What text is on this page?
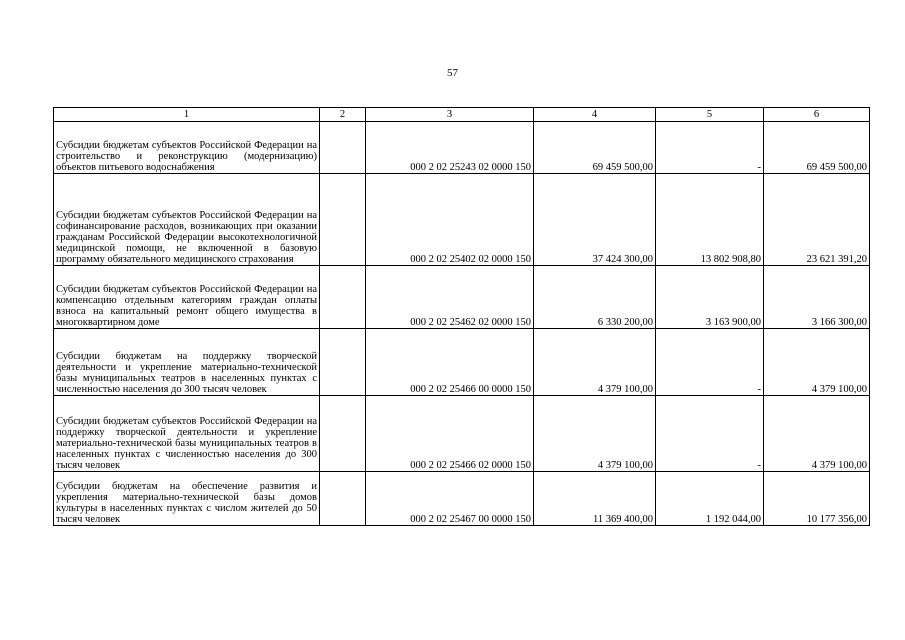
57
1	2	3	4	5	6
Субсидии бюджетам субъектов Российской Федерации на строительство и реконструкцию (модернизацию) объектов питьевого водоснабжения		000 2 02 25243 02 0000 150	69 459 500,00	-	69 459 500,00
Субсидии бюджетам субъектов Российской Федерации на софинансирование расходов, возникающих при оказании гражданам Российской Федерации высокотехнологичной медицинской помощи, не включенной в базовую программу обязательного медицинского страхования		000 2 02 25402 02 0000 150	37 424 300,00	13 802 908,80	23 621 391,20
Субсидии бюджетам субъектов Российской Федерации на компенсацию отдельным категориям граждан оплаты взноса на капитальный ремонт общего имущества в многоквартирном доме		000 2 02 25462 02 0000 150	6 330 200,00	3 163 900,00	3 166 300,00
Субсидии бюджетам на поддержку творческой деятельности и укрепление материально-технической базы муниципальных театров в населенных пунктах с численностью населения до 300 тысяч человек		000 2 02 25466 00 0000 150	4 379 100,00	-	4 379 100,00
Субсидии бюджетам субъектов Российской Федерации на поддержку творческой деятельности и укрепление материально-технической базы муниципальных театров в населенных пунктах с численностью населения до 300 тысяч человек		000 2 02 25466 02 0000 150	4 379 100,00	-	4 379 100,00
Субсидии бюджетам на обеспечение развития и укрепления материально-технической базы домов культуры в населенных пунктах с числом жителей до 50 тысяч человек		000 2 02 25467 00 0000 150	11 369 400,00	1 192 044,00	10 177 356,00
